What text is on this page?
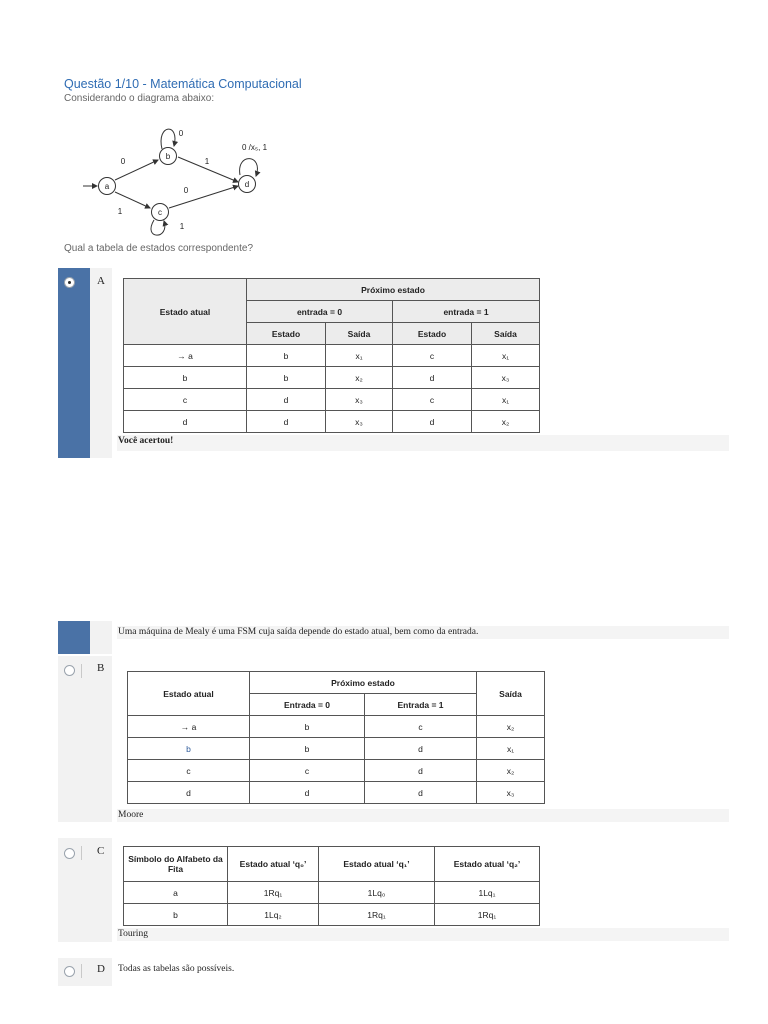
Questão 1/10 - Matemática Computacional
Considerando o diagrama abaixo:
a
b
c
d
0
1
0
1
0
1
0 /x₅, 1
Qual a tabela de estados correspondente?
A
Estado atual	Próximo estado			
	entrada = 0		entrada = 1	
	Estado	Saída	Estado	Saída
→ a	b	x₁	c	x₁
b	b	x₂	d	x₃
c	d	x₃	c	x₁
d	d	x₃	d	x₂
Você acertou!
Uma máquina de Mealy é uma FSM cuja saída depende do estado atual, bem como da entrada.
B
Estado atual	Próximo estado		Saída
	Entrada = 0	Entrada = 1	
→ a	b	c	x₂
b	b	d	x₁
c	c	d	x₂
d	d	d	x₃
Moore
C
Símbolo do Alfabeto da Fita	Estado atual ‘q₀’	Estado atual ‘q₁’	Estado atual ‘q₂’
a	1Rq₁	1Lq₀	1Lq₁
b	1Lq₂	1Rq₁	1Rq₁
Touring
D Todas as tabelas são possíveis.
